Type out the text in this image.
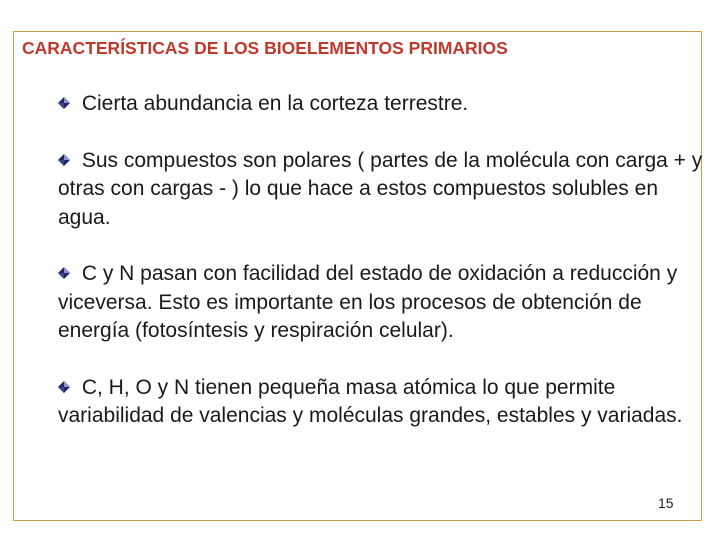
CARACTERÍSTICAS DE LOS BIOELEMENTOS PRIMARIOS
Cierta abundancia en la corteza terrestre.
Sus compuestos son polares ( partes de la molécula con carga + y otras con cargas - ) lo que hace a estos compuestos solubles en agua.
C y N pasan con facilidad del estado de oxidación a reducción y viceversa. Esto es importante en los procesos de obtención de energía (fotosíntesis y respiración celular).
C, H, O y N tienen pequeña masa atómica lo que permite variabilidad de valencias y moléculas grandes, estables y variadas.
15
